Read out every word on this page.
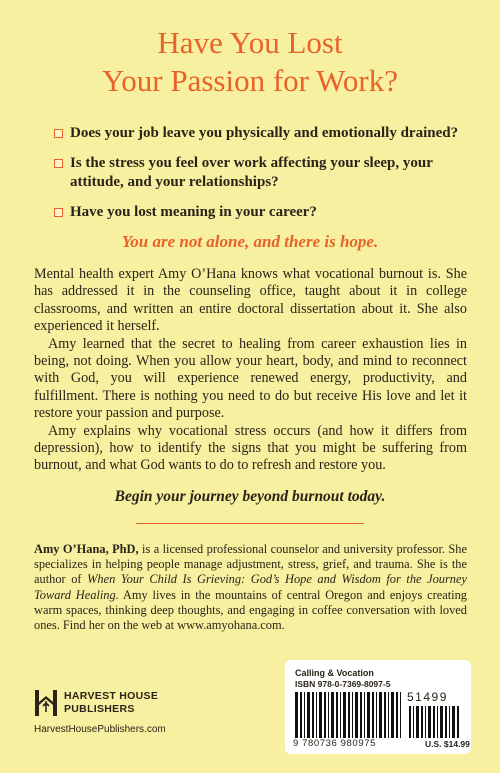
Have You Lost
Your Passion for Work?
Does your job leave you physically and emotionally drained?
Is the stress you feel over work affecting your sleep, your attitude, and your relationships?
Have you lost meaning in your career?
You are not alone, and there is hope.

Mental health expert Amy O’Hana knows what vocational burnout is. She has addressed it in the counseling office, taught about it in college classrooms, and written an entire doctoral dissertation about it. She also experienced it herself.

Amy learned that the secret to healing from career exhaustion lies in being, not doing. When you allow your heart, body, and mind to reconnect with God, you will experience renewed energy, productivity, and fulfillment. There is nothing you need to do but receive His love and let it restore your passion and purpose.

Amy explains why vocational stress occurs (and how it differs from depression), how to identify the signs that you might be suffering from burnout, and what God wants to do to refresh and restore you.

Begin your journey beyond burnout today.
Amy O’Hana, PhD, is a licensed professional counselor and university professor. She specializes in helping people manage adjustment, stress, grief, and trauma. She is the author of When Your Child Is Grieving: God’s Hope and Wisdom for the Journey Toward Healing. Amy lives in the mountains of central Oregon and enjoys creating warm spaces, thinking deep thoughts, and engaging in coffee conversation with loved ones. Find her on the web at www.amyohana.com.
HARVEST HOUSE
PUBLISHERS
HarvestHousePublishers.com
Calling & Vocation
ISBN 978-0-7369-8097-5
51499
9 780736 980975	U.S. $14.99
